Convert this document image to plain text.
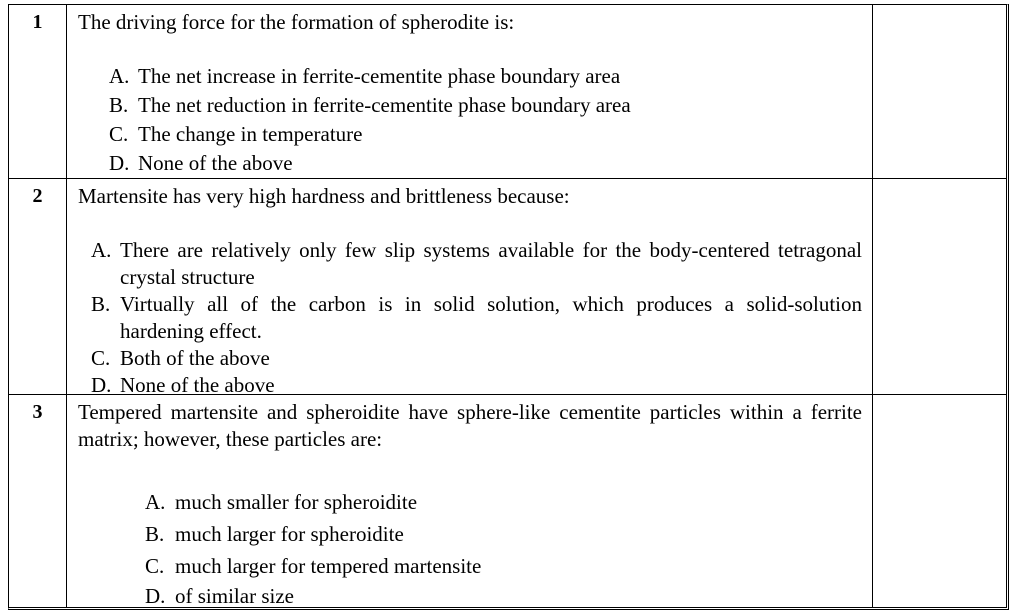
1	The driving force for the formation of spherodite is:
A. The net increase in ferrite-cementite phase boundary area
B. The net reduction in ferrite-cementite phase boundary area
C. The change in temperature
D. None of the above
2	Martensite has very high hardness and brittleness because:
A. There are relatively only few slip systems available for the body-centered tetragonal crystal structure
B. Virtually all of the carbon is in solid solution, which produces a solid-solution hardening effect.
C. Both of the above
D. None of the above
3	Tempered martensite and spheroidite have sphere-like cementite particles within a ferrite matrix; however, these particles are:
A. much smaller for spheroidite
B. much larger for spheroidite
C. much larger for tempered martensite
D. of similar size
